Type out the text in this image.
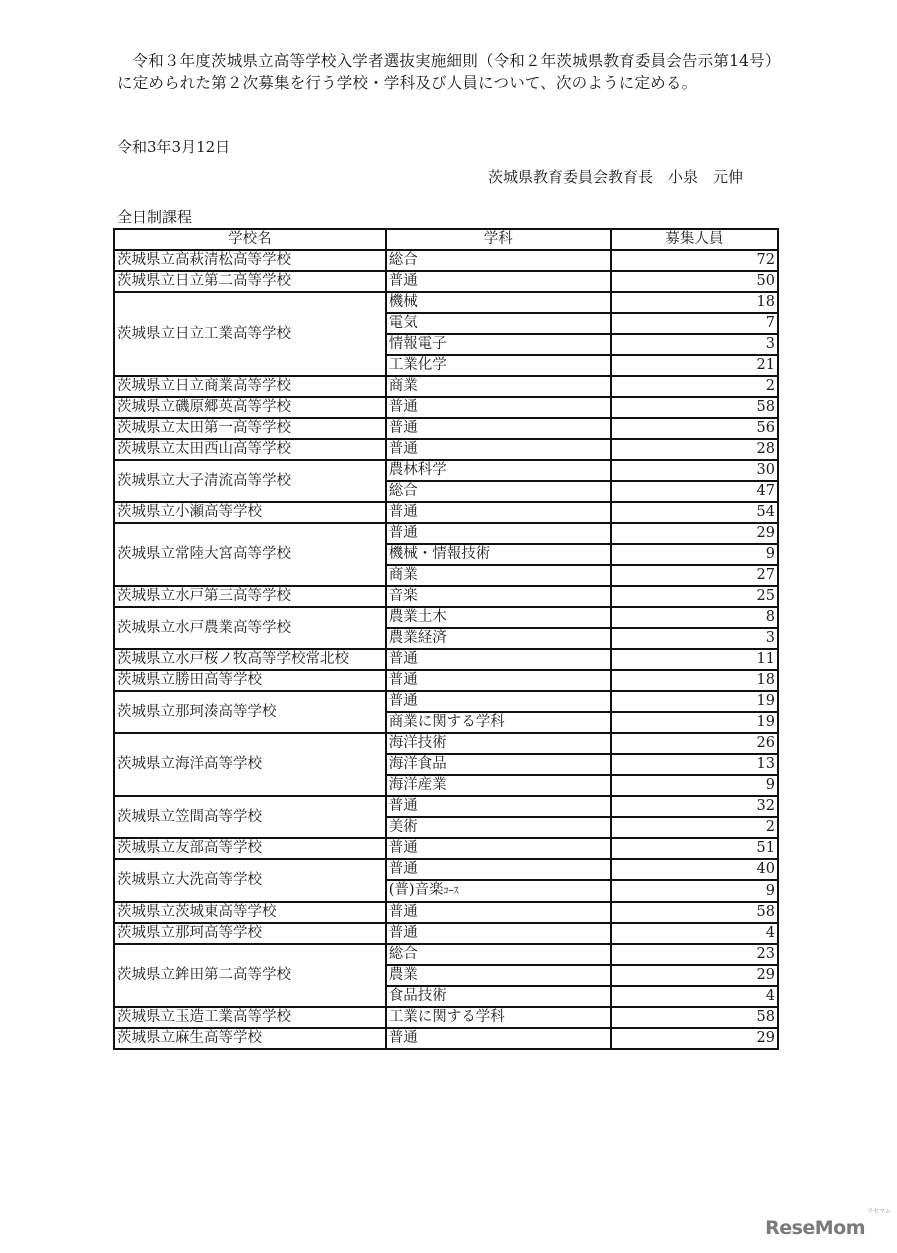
令和３年度茨城県立高等学校入学者選抜実施細則（令和２年茨城県教育委員会告示第14号）に定められた第２次募集を行う学校・学科及び人員について、次のように定める。

令和3年3月12日

茨城県教育委員会教育長　小泉　元伸

全日制課程

学校名	学科	募集人員
茨城県立高萩清松高等学校	総合	72
茨城県立日立第二高等学校	普通	50
茨城県立日立工業高等学校	機械	18
	電気	7
	情報電子	3
	工業化学	21
茨城県立日立商業高等学校	商業	2
茨城県立磯原郷英高等学校	普通	58
茨城県立太田第一高等学校	普通	56
茨城県立太田西山高等学校	普通	28
茨城県立大子清流高等学校	農林科学	30
	総合	47
茨城県立小瀬高等学校	普通	54
茨城県立常陸大宮高等学校	普通	29
	機械・情報技術	9
	商業	27
茨城県立水戸第三高等学校	音楽	25
茨城県立水戸農業高等学校	農業土木	8
	農業経済	3
茨城県立水戸桜ノ牧高等学校常北校	普通	11
茨城県立勝田高等学校	普通	18
茨城県立那珂湊高等学校	普通	19
	商業に関する学科	19
茨城県立海洋高等学校	海洋技術	26
	海洋食品	13
	海洋産業	9
茨城県立笠間高等学校	普通	32
	美術	2
茨城県立友部高等学校	普通	51
茨城県立大洗高等学校	普通	40
	(普)音楽ｺｰｽ	9
茨城県立茨城東高等学校	普通	58
茨城県立那珂高等学校	普通	4
茨城県立鉾田第二高等学校	総合	23
	農業	29
	食品技術	4
茨城県立玉造工業高等学校	工業に関する学科	58
茨城県立麻生高等学校	普通	29
ReseMom
リセマム
